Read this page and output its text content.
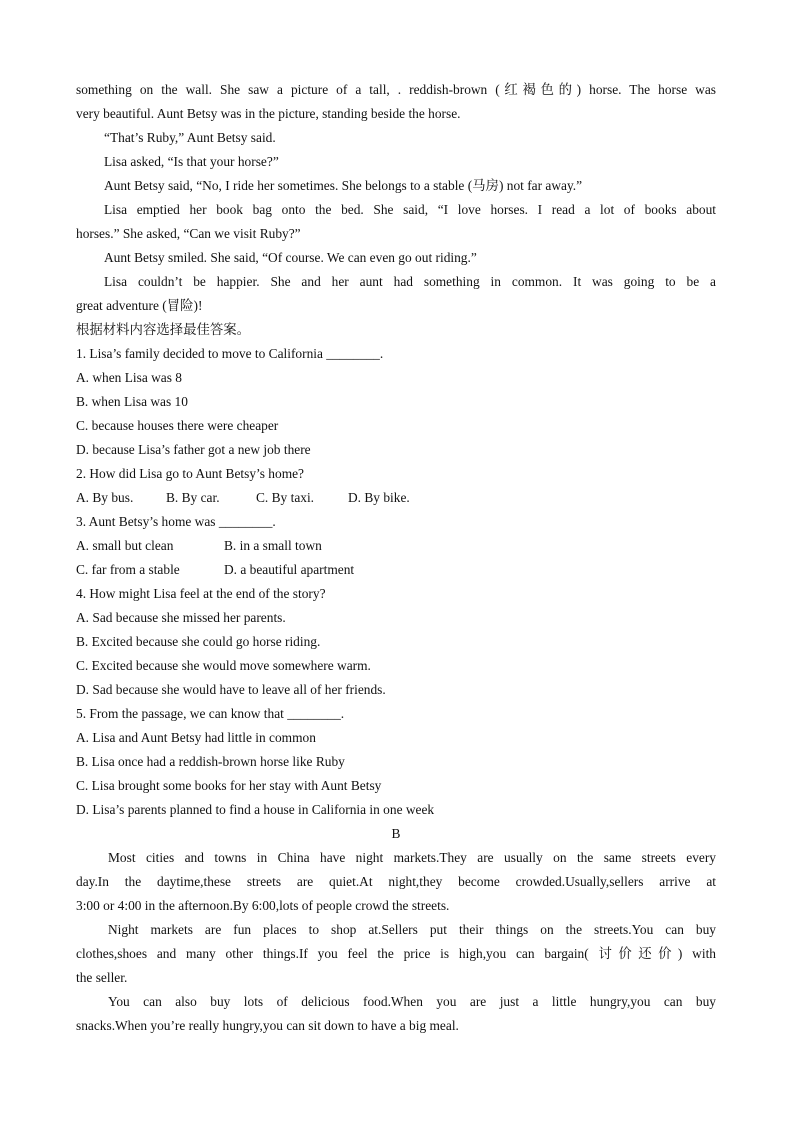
something on the wall. She saw a picture of a tall, . reddish-brown (红褐色的) horse. The horse was
very beautiful. Aunt Betsy was in the picture, standing beside the horse.
“That’s Ruby,” Aunt Betsy said.
Lisa asked, “Is that your horse?”
Aunt Betsy said, “No, I ride her sometimes. She belongs to a stable (马房) not far away.”
Lisa emptied her book bag onto the bed. She said, “I love horses. I read a lot of books about
horses.” She asked, “Can we visit Ruby?”
Aunt Betsy smiled. She said, “Of course. We can even go out riding.”
Lisa couldn’t be happier. She and her aunt had something in common. It was going to be a
great adventure (冒险)!
根据材料内容选择最佳答案。
1. Lisa’s family decided to move to California ________.
A. when Lisa was 8
B. when Lisa was 10
C. because houses there were cheaper
D. because Lisa’s father got a new job there
2. How did Lisa go to Aunt Betsy’s home?
A. By bus. B. By car.	C. By taxi.	D. By bike.
3. Aunt Betsy’s home was ________.
A. small but clean	B. in a small town
C. far from a stable	D. a beautiful apartment
4. How might Lisa feel at the end of the story?
A. Sad because she missed her parents.
B. Excited because she could go horse riding.
C. Excited because she would move somewhere warm.
D. Sad because she would have to leave all of her friends.
5. From the passage, we can know that ________.
A. Lisa and Aunt Betsy had little in common
B. Lisa once had a reddish-brown horse like Ruby
C. Lisa brought some books for her stay with Aunt Betsy
D. Lisa’s parents planned to find a house in California in one week
B
Most cities and towns in China have night markets.They are usually on the same streets every
day.In the daytime,these streets are quiet.At night,they become crowded.Usually,sellers arrive at
3:00 or 4:00 in the afternoon.By 6:00,lots of people crowd the streets.
Night markets are fun places to shop at.Sellers put their things on the streets.You can buy
clothes,shoes and many other things.If you feel the price is high,you can bargain( 讨价还价) with
the seller.
You can also buy lots of delicious food.When you are just a little hungry,you can buy
snacks.When you’re really hungry,you can sit down to have a big meal.
